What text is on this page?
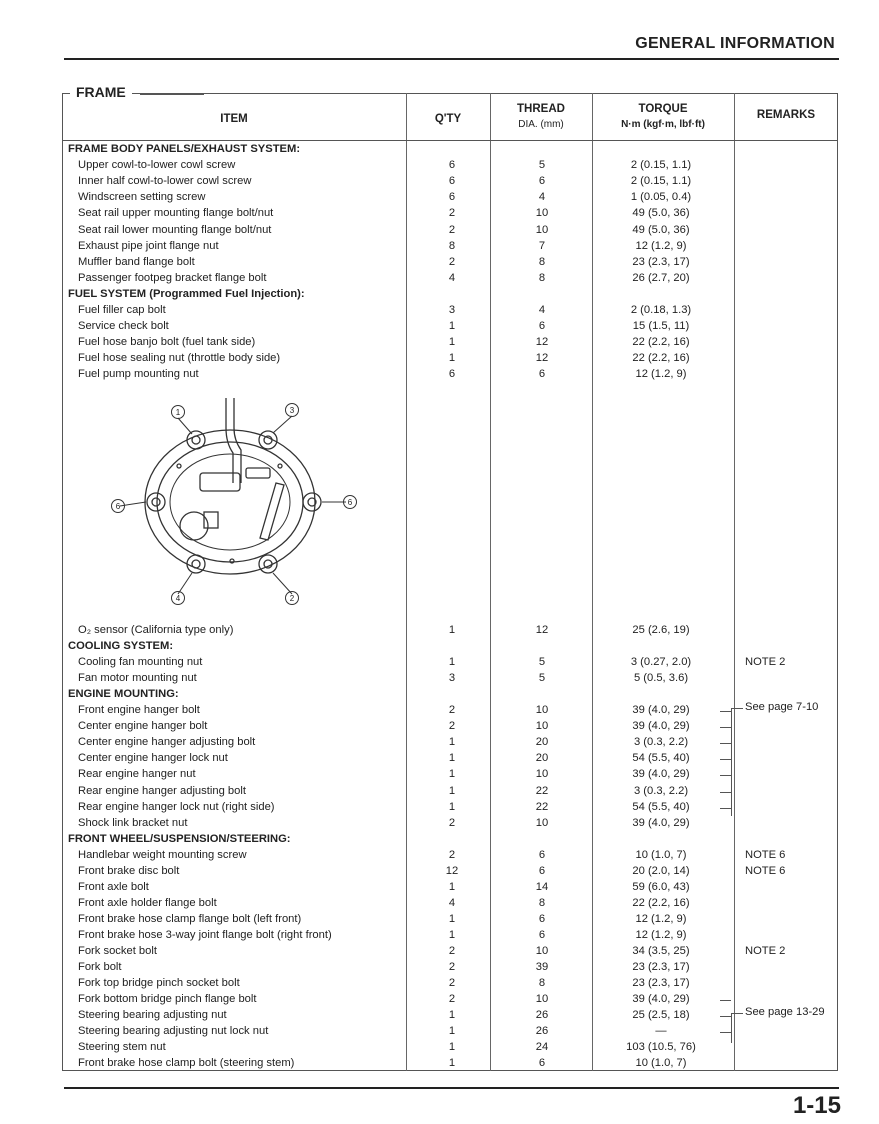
GENERAL INFORMATION
FRAME
ITEM	Q'TY
THREAD
DIA. (mm)
TORQUE
N·m (kgf·m, lbf·ft)
REMARKS
FRAME BODY PANELS/EXHAUST SYSTEM:
Upper cowl-to-lower cowl screw	6	5	2 (0.15, 1.1)
Inner half cowl-to-lower cowl screw	6	6	2 (0.15, 1.1)
Windscreen setting screw	6	4	1 (0.05, 0.4)
Seat rail upper mounting flange bolt/nut	2	10	49 (5.0, 36)
Seat rail lower mounting flange bolt/nut	2	10	49 (5.0, 36)
Exhaust pipe joint flange nut	8	7	12 (1.2, 9)
Muffler band flange bolt	2	8	23 (2.3, 17)
Passenger footpeg bracket flange bolt	4	8	26 (2.7, 20)
FUEL SYSTEM (Programmed Fuel Injection):
Fuel filler cap bolt	3	4	2 (0.18, 1.3)
Service check bolt	1	6	15 (1.5, 11)
Fuel hose banjo bolt (fuel tank side)	1	12	22 (2.2, 16)
Fuel hose sealing nut (throttle body side)	1	12	22 (2.2, 16)
Fuel pump mounting nut	6	6	12 (1.2, 9)
O₂ sensor (California type only)	1	12	25 (2.6, 19)
COOLING SYSTEM:
Cooling fan mounting nut	1	5	3 (0.27, 2.0)	NOTE 2
Fan motor mounting nut	3	5	5 (0.5, 3.6)
ENGINE MOUNTING:
Front engine hanger bolt	2	10	39 (4.0, 29)
Center engine hanger bolt	2	10	39 (4.0, 29)
Center engine hanger adjusting bolt	1	20	3 (0.3, 2.2)
Center engine hanger lock nut	1	20	54 (5.5, 40)
Rear engine hanger nut	1	10	39 (4.0, 29)
Rear engine hanger adjusting bolt	1	22	3 (0.3, 2.2)
Rear engine hanger lock nut (right side)	1	22	54 (5.5, 40)
Shock link bracket nut	2	10	39 (4.0, 29)
FRONT WHEEL/SUSPENSION/STEERING:
Handlebar weight mounting screw	2	6	10 (1.0, 7)	NOTE 6
Front brake disc bolt	12	6	20 (2.0, 14)	NOTE 6
Front axle bolt	1	14	59 (6.0, 43)
Front axle holder flange bolt	4	8	22 (2.2, 16)
Front brake hose clamp flange bolt (left front)	1	6	12 (1.2, 9)
Front brake hose 3-way joint flange bolt (right front)	1	6	12 (1.2, 9)
Fork socket bolt	2	10	34 (3.5, 25)	NOTE 2
Fork bolt	2	39	23 (2.3, 17)
Fork top bridge pinch socket bolt	2	8	23 (2.3, 17)
Fork bottom bridge pinch flange bolt	2	10	39 (4.0, 29)
Steering bearing adjusting nut	1	26	25 (2.5, 18)
Steering bearing adjusting nut lock nut	1	26	—
Steering stem nut	1	24	103 (10.5, 76)
Front brake hose clamp bolt (steering stem)	1	6	10 (1.0, 7)
1	3
6	6
4	2
See page 7-10
See page 13-29
1-15
